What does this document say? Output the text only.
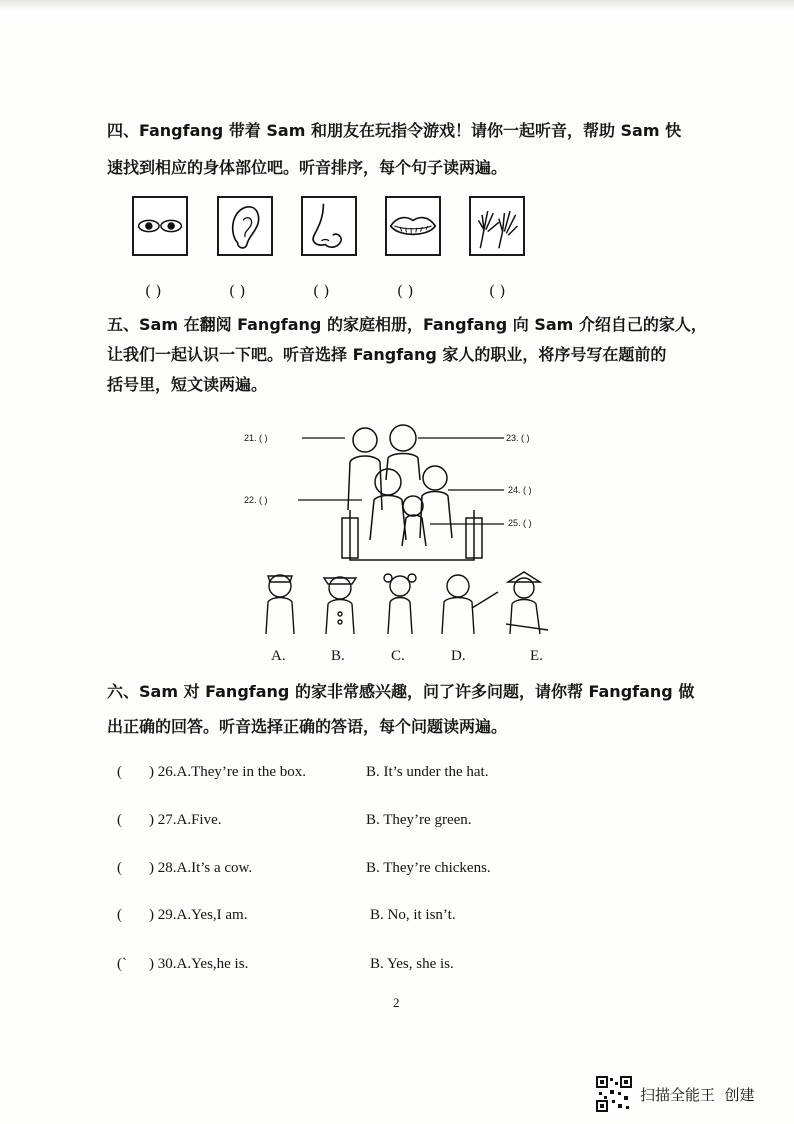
四、Fangfang 带着 Sam 和朋友在玩指令游戏！请你一起听音，帮助 Sam 快
速找到相应的身体部位吧。听音排序，每个句子读两遍。
( )	( )	( )	( )	( )
五、Sam 在翻阅 Fangfang 的家庭相册，Fangfang 向 Sam 介绍自己的家人，
让我们一起认识一下吧。听音选择 Fangfang 家人的职业，将序号写在题前的
括号里，短文读两遍。
21. ( )
22. ( )
23. ( )
24. ( )
25. ( )
A.	B.	C.	D.	E.
六、Sam 对 Fangfang 的家非常感兴趣，问了许多问题，请你帮 Fangfang 做
出正确的回答。听音选择正确的答语，每个问题读两遍。
( ) 26.A.They’re in the box.	B. It’s under the hat.
( ) 27.A.Five.	B. They’re green.
( ) 28.A.It’s a cow.	B. They’re chickens.
( ) 29.A.Yes,I am.	B. No, it isn’t.
(` ) 30.A.Yes,he is.	B. Yes, she is.
2
扫描全能王  创建
